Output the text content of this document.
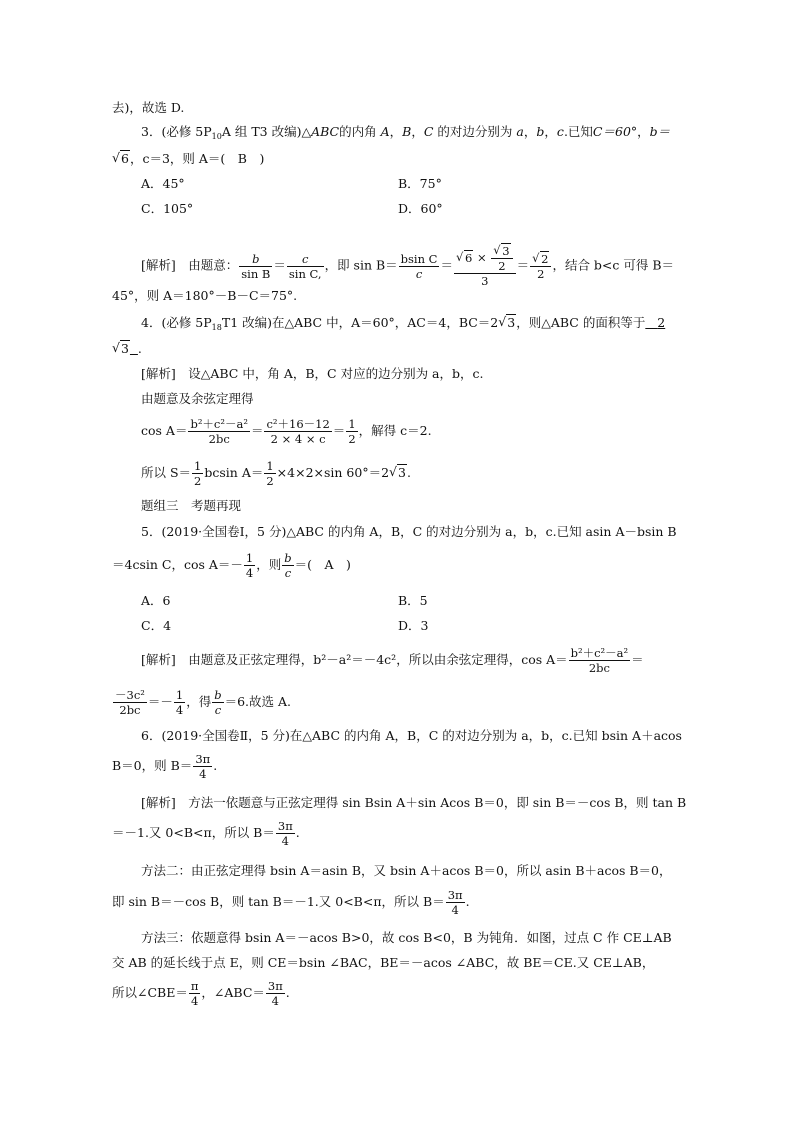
去)，故选 D.
3．(必修 $5P_{10}A$ 组 T3 改编)△ABC的内角 A，B，C 的对边分别为 a，b，c.已知C＝60°，b＝
√ 6，c＝3，则 A＝(　B　)
A．45°	B．75°
C．105°	D．60°
[解析]　由题意： $\frac{b}{\text{sin B}} = \frac{c}{\text{sin C,}}$ ，即 $\sin B= \frac{\text{bsin C}}{c}$ ＝
√ 6 ×
√ $\frac{3}{2}$
3 ＝
√ $\frac{2}{2}$ ，结合 b<c 可得 B＝
45°，则 A＝180°－B－C＝75°.
4．(必修 $5P_{18}T1$ 改编)在△ABC 中，A＝60°，AC＝4，BC＝2√ 3，则△ABC 的面积等于 2
√ 3 .
[解析]　设△ABC 中，角 A，B，C 对应的边分别为 a，b，c.
由题意及余弦定理得
$\cos A= \frac{\text{b²＋c²－a²}}{2bc} = \frac{\text{c²＋16－12}}{2 \times 4 \times c} = \frac{1}{2}$ ，解得 c＝2.
所以 $S= \frac{1}{2}$ bcsin $A= \frac{1}{2} \times 4\times 2\times\sin$ 60°＝2√ 3.
题组三　考题再现
5．(2019·全国卷Ⅰ，5 分)△ABC 的内角 A，B，C 的对边分别为 a，b，c.已知 asin A－bsin B
＝4csin C，$\cos A=- \frac{1}{4}$ ，则 $\frac{b}{c}$ ＝(　A　)
A．6	B．5
C．4	D．3
[解析]　由题意及正弦定理得，b²－a²＝－4c²，所以由余弦定理得，$\cos A= \frac{\text{b²＋c²－a²}}{2bc}$ ＝
$\frac{\text{－3c²}}{2bc} =- \frac{1}{4}$ ，得 $\frac{b}{c} =6$.故选 A.
6．(2019·全国卷Ⅱ，5 分)在△ABC 的内角 A，B，C 的对边分别为 a，b，c.已知 bsin A＋acos
B＝0，则 $B= \frac{3\pi}{4}$ .
[解析]　方法一依题意与正弦定理得 sin Bsin A＋sin Acos B＝0，即 sin B＝－cos B，则 tan B
＝－1.又 0<B<π，所以 $B= \frac{3\pi}{4}$ .
方法二：由正弦定理得 bsin A＝asin B，又 bsin A＋acos B＝0，所以 asin B＋acos B＝0，
即 sin B＝－cos B，则 tan B＝－1.又 0<B<π，所以 $B= \frac{3\pi}{4}$ .
方法三：依题意得 bsin A＝－acos B>0，故 cos B<0，B 为钝角．如图，过点 C 作 CE⊥AB
交 AB 的延长线于点 E，则 CE＝bsin ∠BAC，BE＝－acos ∠ABC，故 BE＝CE.又 CE⊥AB，
所以∠CBE＝ $\frac{\pi}{4}$ ，∠ABC＝ $\frac{3\pi}{4}$ .
